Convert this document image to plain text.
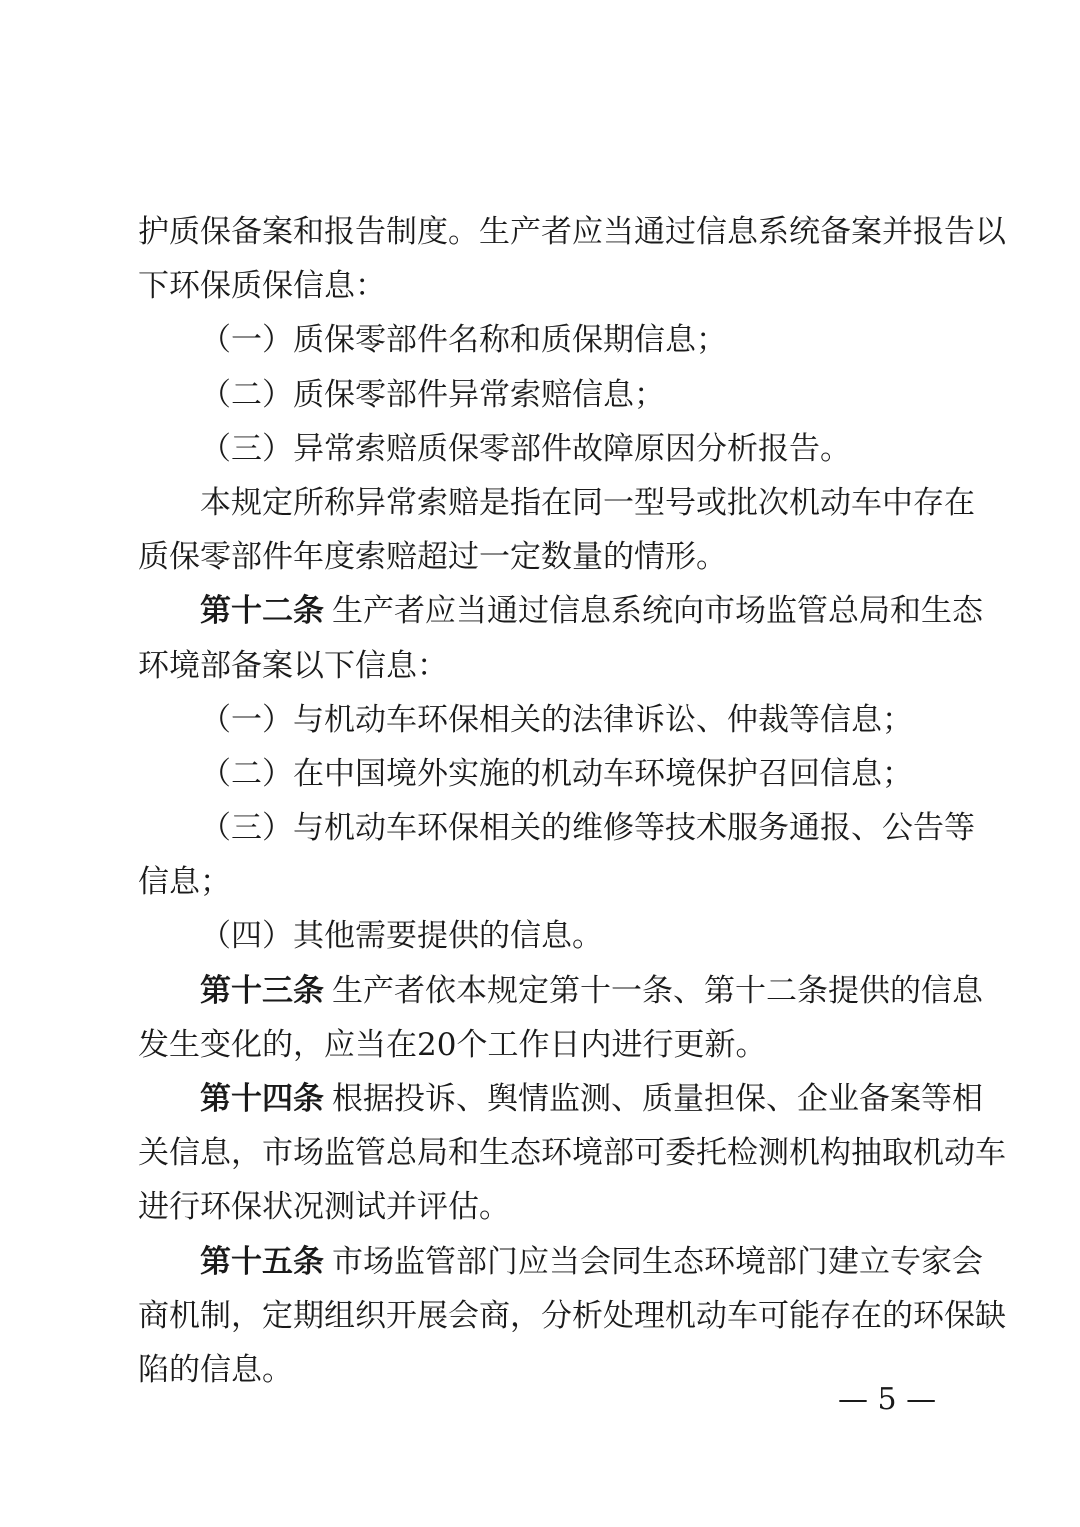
护质保备案和报告制度。生产者应当通过信息系统备案并报告以
下环保质保信息：
（一）质保零部件名称和质保期信息；
（二）质保零部件异常索赔信息；
（三）异常索赔质保零部件故障原因分析报告。
本规定所称异常索赔是指在同一型号或批次机动车中存在
质保零部件年度索赔超过一定数量的情形。
第十二条 生产者应当通过信息系统向市场监管总局和生态
环境部备案以下信息：
（一）与机动车环保相关的法律诉讼、仲裁等信息；
（二）在中国境外实施的机动车环境保护召回信息；
（三）与机动车环保相关的维修等技术服务通报、公告等
信息；
（四）其他需要提供的信息。
第十三条 生产者依本规定第十一条、第十二条提供的信息
发生变化的，应当在20个工作日内进行更新。
第十四条 根据投诉、舆情监测、质量担保、企业备案等相
关信息，市场监管总局和生态环境部可委托检测机构抽取机动车
进行环保状况测试并评估。
第十五条 市场监管部门应当会同生态环境部门建立专家会
商机制，定期组织开展会商，分析处理机动车可能存在的环保缺
陷的信息。
— 5 —
